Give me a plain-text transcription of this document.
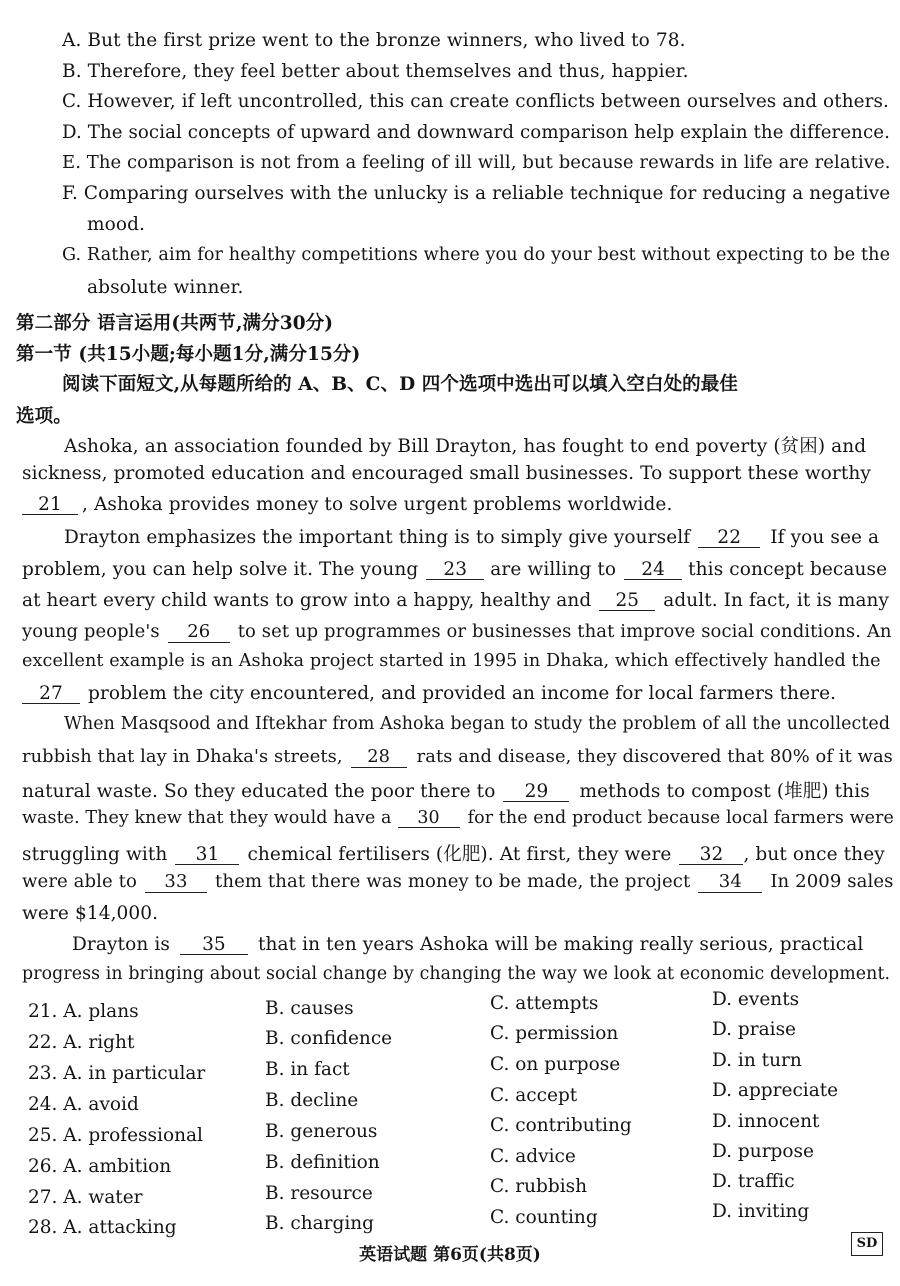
A. But the first prize went to the bronze winners, who lived to 78.
B. Therefore, they feel better about themselves and thus, happier.
C. However, if left uncontrolled, this can create conflicts between ourselves and others.
D. The social concepts of upward and downward comparison help explain the difference.
E. The comparison is not from a feeling of ill will, but because rewards in life are relative.
F. Comparing ourselves with the unlucky is a reliable technique for reducing a negative
mood.
G. Rather, aim for healthy competitions where you do your best without expecting to be the
absolute winner.
第二部分 语言运用(共两节,满分30分)
第一节 (共15小题;每小题1分,满分15分)
阅读下面短文,从每题所给的 A、B、C、D 四个选项中选出可以填入空白处的最佳
选项。
Ashoka, an association founded by Bill Drayton, has fought to end poverty (贫困) and
sickness, promoted education and encouraged small businesses. To support these worthy
21 , Ashoka provides money to solve urgent problems worldwide.
Drayton emphasizes the important thing is to simply give yourself 22 If you see a
problem, you can help solve it. The young 23 are willing to 24 this concept because
at heart every child wants to grow into a happy, healthy and 25 adult. In fact, it is many
young people's 26 to set up programmes or businesses that improve social conditions. An
excellent example is an Ashoka project started in 1995 in Dhaka, which effectively handled the
27 problem the city encountered, and provided an income for local farmers there.
When Masqsood and Iftekhar from Ashoka began to study the problem of all the uncollected
rubbish that lay in Dhaka's streets, 28 rats and disease, they discovered that 80% of it was
natural waste. So they educated the poor there to 29 methods to compost (堆肥) this
waste. They knew that they would have a 30 for the end product because local farmers were
struggling with 31 chemical fertilisers (化肥). At first, they were 32 , but once they
were able to 33 them that there was money to be made, the project 34 In 2009 sales
were $14,000.
Drayton is 35 that in ten years Ashoka will be making really serious, practical
progress in bringing about social change by changing the way we look at economic development.
21. A. plans	B. causes	C. attempts	D. events
22. A. right	B. confidence	C. permission	D. praise
23. A. in particular	B. in fact	C. on purpose	D. in turn
24. A. avoid	B. decline	C. accept	D. appreciate
25. A. professional	B. generous	C. contributing	D. innocent
26. A. ambition	B. definition	C. advice	D. purpose
27. A. water	B. resource	C. rubbish	D. traffic
28. A. attacking	B. charging	C. counting	D. inviting
英语试题 第6页(共8页)
SD
